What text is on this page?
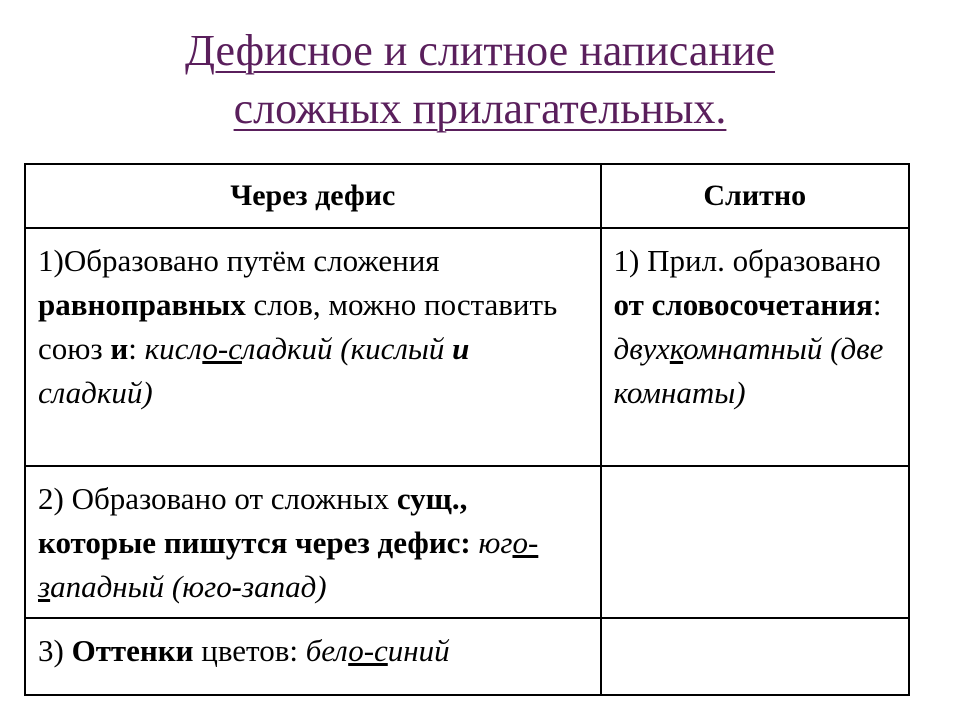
Дефисное и слитное написание
сложных прилагательных.
Через дефис	Слитно

1)Образовано путём сложения равноправных слов, можно поставить союз и: кисло-сладкий (кислый и сладкий)	1) Прил. образовано от словосочетания: двухкомнатный (две комнаты)

2) Образовано от сложных сущ., которые пишутся через дефис: юго-западный (юго-запад)	

3) Оттенки цветов: бело-синий	
